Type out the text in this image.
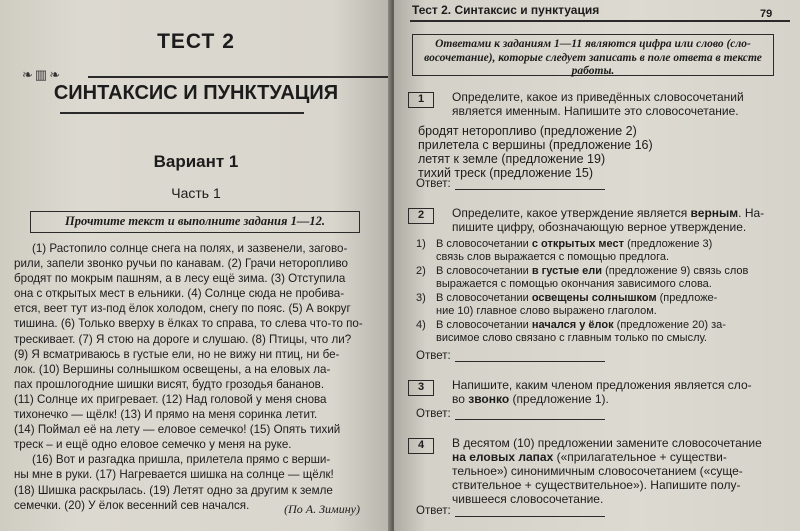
ТЕСТ 2
❧ ▥ ❧
СИНТАКСИС И ПУНКТУАЦИЯ
Вариант 1
Часть 1
Прочтите текст и выполните задания 1—12.
(1) Растопило солнце снега на полях, и зазвенели, загово-
рили, запели звонко ручьи по канавам. (2) Грачи неторопливо
бродят по мокрым пашням, а в лесу ещё зима. (3) Отступила
она с открытых мест в ельники. (4) Солнце сюда не пробива-
ется, веет тут из-под ёлок холодом, снегу по пояс. (5) А вокруг
тишина. (6) Только вверху в ёлках то справа, то слева что-то по-
трескивает. (7) Я стою на дороге и слушаю. (8) Птицы, что ли?
(9) Я всматриваюсь в густые ели, но не вижу ни птиц, ни бе-
лок. (10) Вершины солнышком освещены, а на еловых ла-
пах прошлогодние шишки висят, будто грозодья бананов.
(11) Солнце их пригревает. (12) Над головой у меня снова
тихонечко — щёлк! (13) И прямо на меня соринка летит.
(14) Поймал её на лету — еловое семечко! (15) Опять тихий
треск – и ещё одно еловое семечко у меня на руке.
(16) Вот и разгадка пришла, прилетела прямо с верши-
ны мне в руки. (17) Нагревается шишка на солнце — щёлк!
(18) Шишка раскрылась. (19) Летят одно за другим к земле
семечки. (20) У ёлок весенний сев начался.	(По А. Зимину)
Тест 2. Синтаксис и пунктуация	79
Ответами к заданиям 1—11 являются цифра или слово (сло-
восочетание), которые следует записать в поле ответа в тексте
работы.
1	Определите, какое из приведённых словосочетаний
является именным. Напишите это словосочетание.
бродят неторопливо (предложение 2)
прилетела с вершины (предложение 16)
летят к земле (предложение 19)
тихий треск (предложение 15)
Ответ:
2	Определите, какое утверждение является верным. На-
пишите цифру, обозначающую верное утверждение.
1) В словосочетании с открытых мест (предложение 3)
связь слов выражается с помощью предлога.
2) В словосочетании в густые ели (предложение 9) связь слов
выражается с помощью окончания зависимого слова.
3) В словосочетании освещены солнышком (предложе-
ние 10) главное слово выражено глаголом.
4) В словосочетании начался у ёлок (предложение 20) за-
висимое слово связано с главным только по смыслу.
Ответ:
3	Напишите, каким членом предложения является сло-
во звонко (предложение 1).
Ответ:
4	В десятом (10) предложении замените словосочетание
на еловых лапах («прилагательное + существи-
тельное») синонимичным словосочетанием («суще-
ствительное + существительное»). Напишите полу-
чившееся словосочетание.
Ответ:
